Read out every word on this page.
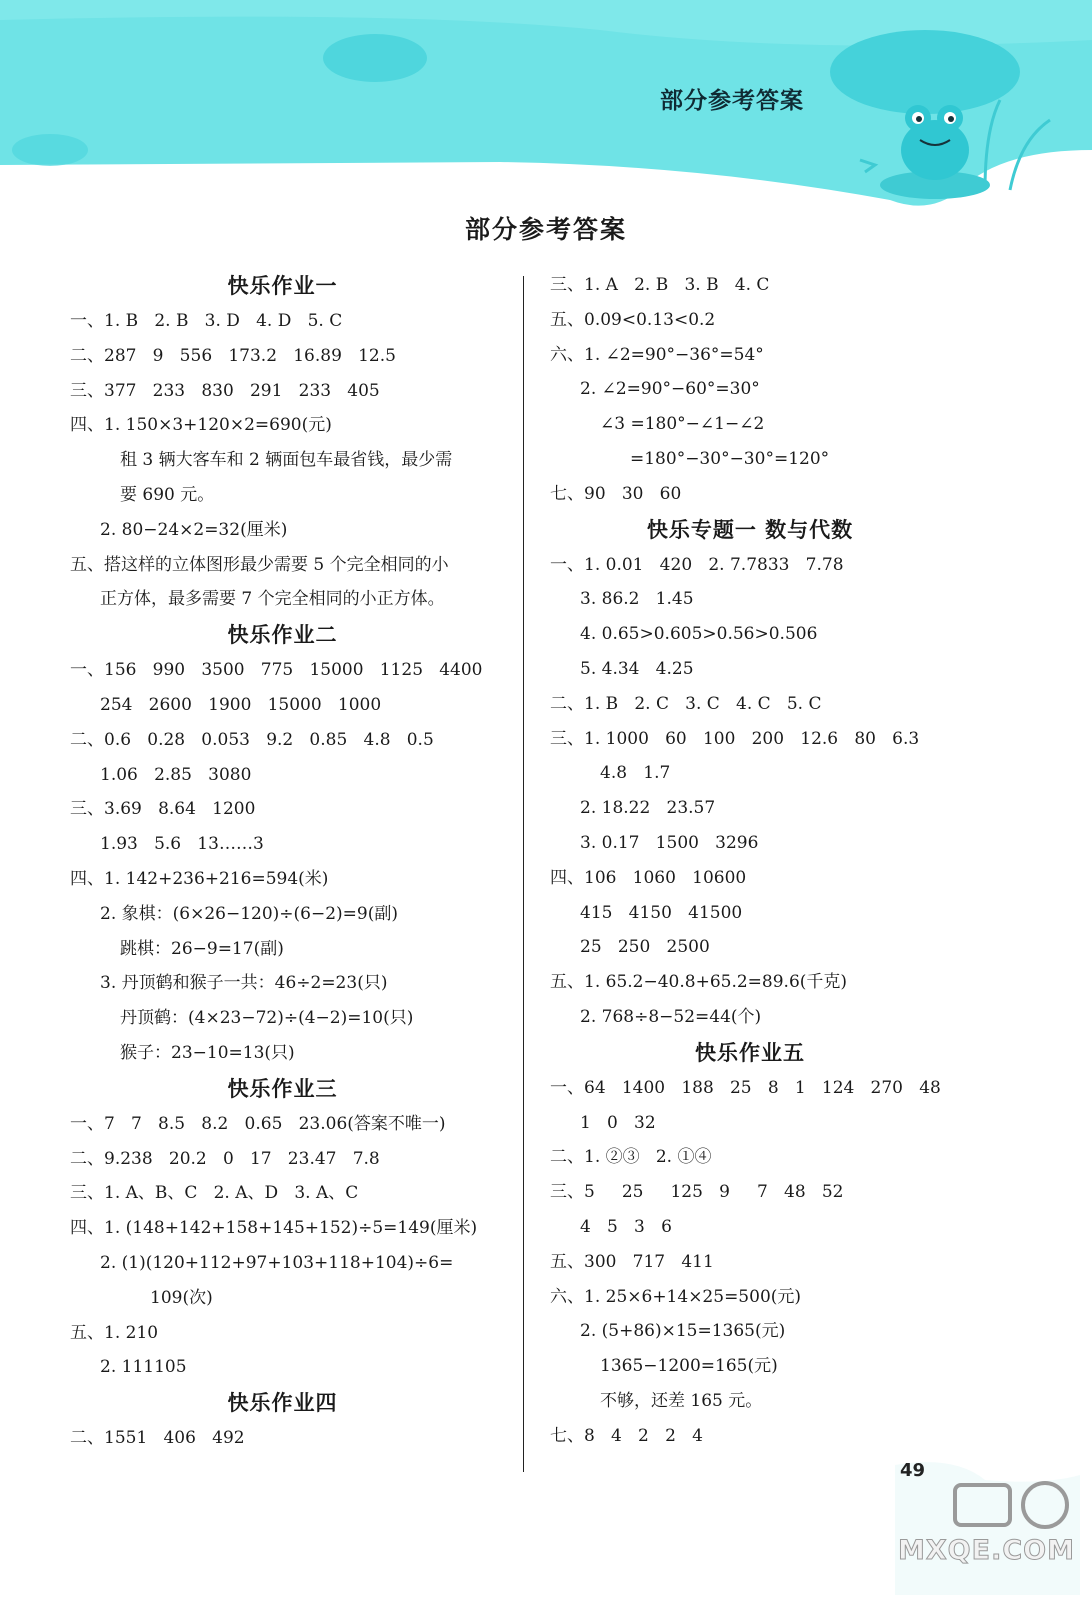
部分参考答案
部分参考答案
快乐作业一
一、1. B   2. B   3. D   4. D   5. C
二、287   9   556   173.2   16.89   12.5
三、377   233   830   291   233   405
四、1. 150×3+120×2=690(元)
租 3 辆大客车和 2 辆面包车最省钱，最少需
要 690 元。
2. 80−24×2=32(厘米)
五、搭这样的立体图形最少需要 5 个完全相同的小
正方体，最多需要 7 个完全相同的小正方体。
快乐作业二
一、156   990   3500   775   15000   1125   4400
254   2600   1900   15000   1000
二、0.6   0.28   0.053   9.2   0.85   4.8   0.5
1.06   2.85   3080
三、3.69   8.64   1200
1.93   5.6   13……3
四、1. 142+236+216=594(米)
2. 象棋：(6×26−120)÷(6−2)=9(副)
跳棋：26−9=17(副)
3. 丹顶鹤和猴子一共：46÷2=23(只)
丹顶鹤：(4×23−72)÷(4−2)=10(只)
猴子：23−10=13(只)
快乐作业三
一、7   7   8.5   8.2   0.65   23.06(答案不唯一)
二、9.238   20.2   0   17   23.47   7.8
三、1. A、B、C   2. A、D   3. A、C
四、1. (148+142+158+145+152)÷5=149(厘米)
2. (1)(120+112+97+103+118+104)÷6=
109(次)
五、1. 210
2. 111105
快乐作业四
二、1551   406   492
三、1. A   2. B   3. B   4. C
五、0.09<0.13<0.2
六、1. ∠2=90°−36°=54°
2. ∠2=90°−60°=30°
∠3 =180°−∠1−∠2
=180°−30°−30°=120°
七、90   30   60
快乐专题一 数与代数
一、1. 0.01   420   2. 7.7833   7.78
3. 86.2   1.45
4. 0.65>0.605>0.56>0.506
5. 4.34   4.25
二、1. B   2. C   3. C   4. C   5. C
三、1. 1000   60   100   200   12.6   80   6.3
4.8   1.7
2. 18.22   23.57
3. 0.17   1500   3296
四、106   1060   10600
415   4150   41500
25   250   2500
五、1. 65.2−40.8+65.2=89.6(千克)
2. 768÷8−52=44(个)
快乐作业五
一、64   1400   188   25   8   1   124   270   48
1   0   32
二、1. ②③   2. ①④
三、5     25     125   9     7   48   52
4   5   3   6
五、300   717   411
六、1. 25×6+14×25=500(元)
2. (5+86)×15=1365(元)
1365−1200=165(元)
不够，还差 165 元。
七、8   4   2   2   4
49
MXQE.COM
